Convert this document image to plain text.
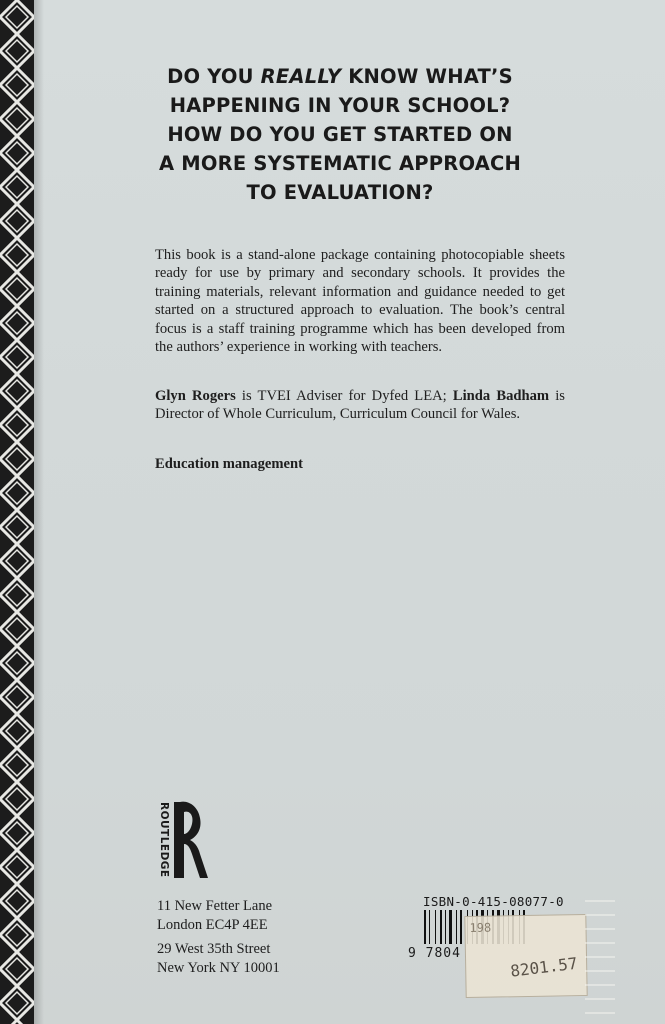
DO YOU REALLY KNOW WHAT’S
HAPPENING IN YOUR SCHOOL?
HOW DO YOU GET STARTED ON
A MORE SYSTEMATIC APPROACH
TO EVALUATION?

This book is a stand-alone package containing photocopiable sheets ready for use by primary and secondary schools. It provides the training materials, relevant information and guidance needed to get started on a structured approach to evaluation. The book’s central focus is a staff training programme which has been developed from the authors’ experience in working with teachers.

Glyn Rogers is TVEI Adviser for Dyfed LEA; Linda Badham is Director of Whole Curriculum, Curriculum Council for Wales.

Education management

ROUTLEDGE

11 New Fetter Lane
London EC4P 4EE

29 West 35th Street
New York NY 10001

ISBN-0-415-08077-0

9 7804

198

8201.57
